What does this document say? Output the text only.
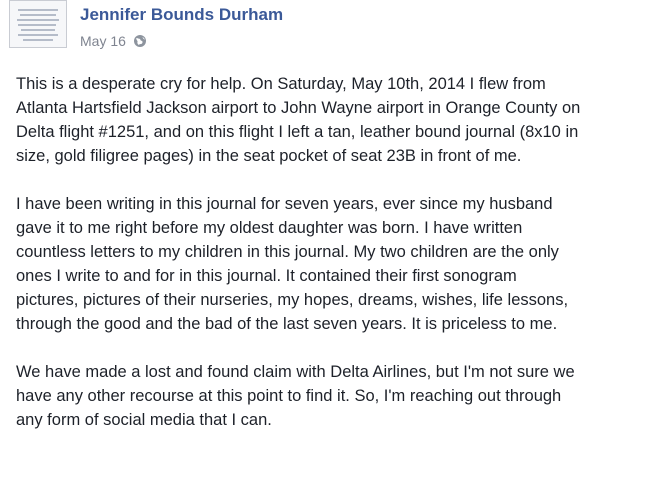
Jennifer Bounds Durham
May 16

This is a desperate cry for help. On Saturday, May 10th, 2014 I flew from
Atlanta Hartsfield Jackson airport to John Wayne airport in Orange County on
Delta flight #1251, and on this flight I left a tan, leather bound journal (8x10 in
size, gold filigree pages) in the seat pocket of seat 23B in front of me.

I have been writing in this journal for seven years, ever since my husband
gave it to me right before my oldest daughter was born. I have written
countless letters to my children in this journal. My two children are the only
ones I write to and for in this journal. It contained their first sonogram
pictures, pictures of their nurseries, my hopes, dreams, wishes, life lessons,
through the good and the bad of the last seven years. It is priceless to me.

We have made a lost and found claim with Delta Airlines, but I'm not sure we
have any other recourse at this point to find it. So, I'm reaching out through
any form of social media that I can.
